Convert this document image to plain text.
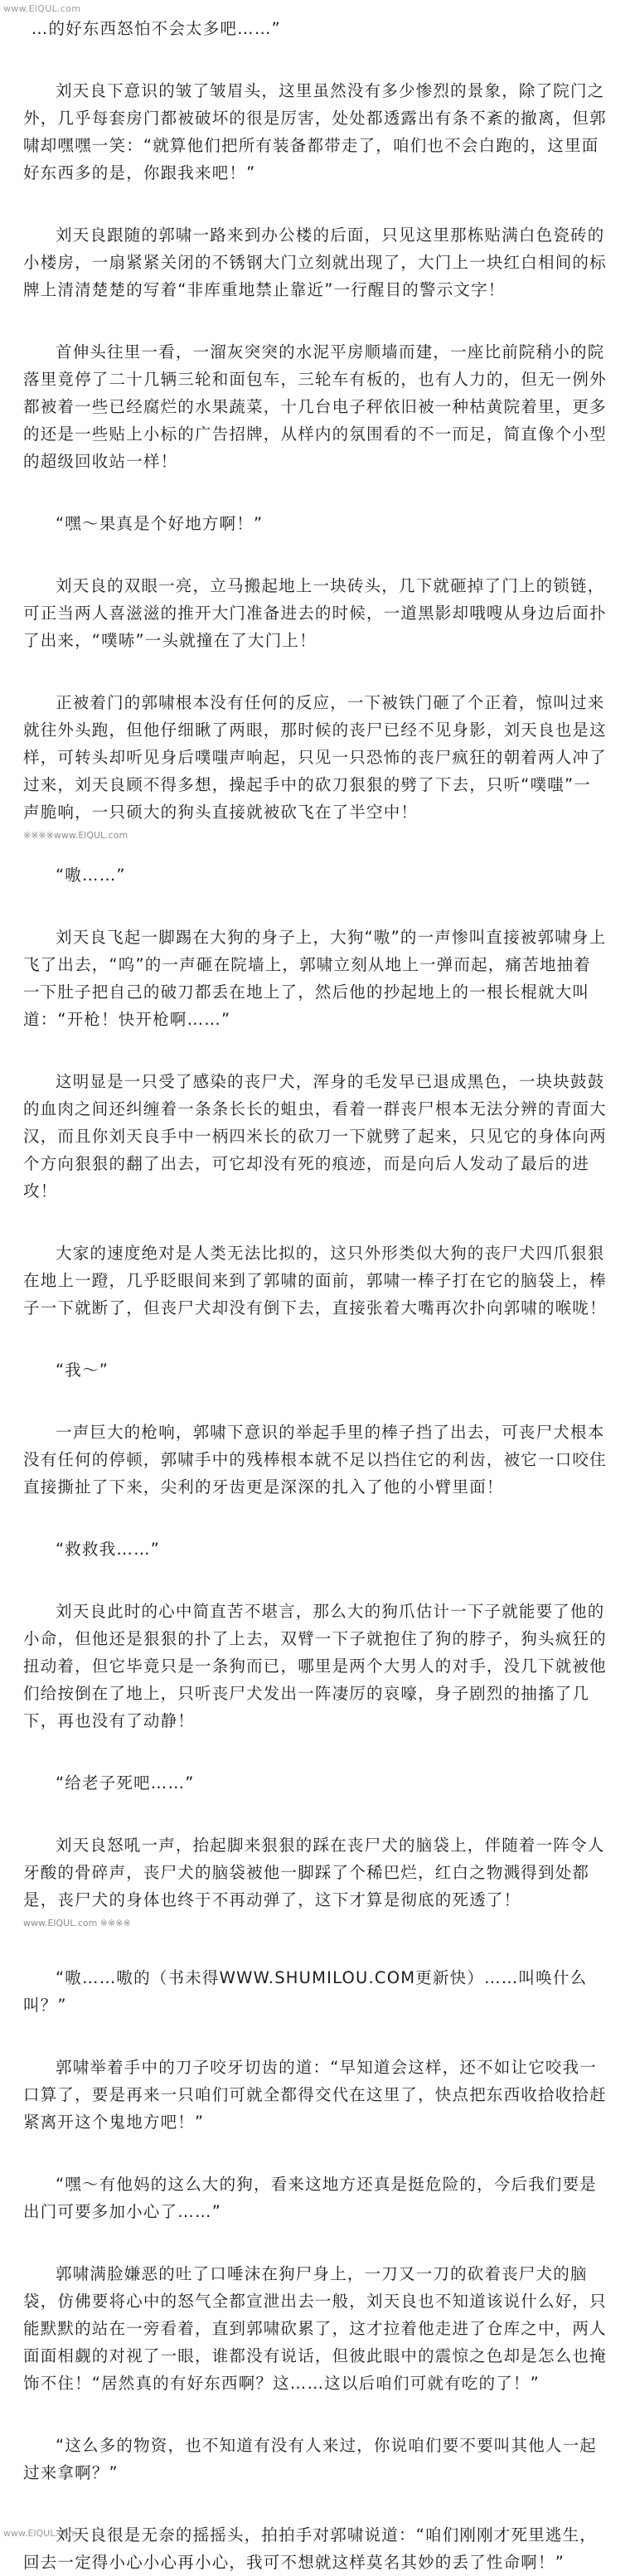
www.ElQUL.com

…的好东西怒怕不会太多吧……”

刘天良下意识的皱了皱眉头，这里虽然没有多少惨烈的景象，除了院门之外，几乎每套房门都被破坏的很是厉害，处处都透露出有条不紊的撤离，但郭啸却嘿嘿一笑：“就算他们把所有装备都带走了，咱们也不会白跑的，这里面好东西多的是，你跟我来吧！”

刘天良跟随的郭啸一路来到办公楼的后面，只见这里那栋贴满白色瓷砖的小楼房，一扇紧紧关闭的不锈钢大门立刻就出现了，大门上一块红白相间的标牌上清清楚楚的写着“非库重地禁止靠近”一行醒目的警示文字！

首伸头往里一看，一溜灰突突的水泥平房顺墙而建，一座比前院稍小的院落里竟停了二十几辆三轮和面包车，三轮车有板的，也有人力的，但无一例外都被着一些已经腐烂的水果蔬菜，十几台电子秤依旧被一种枯黄院着里，更多的还是一些贴上小标的广告招牌，从样内的氛围看的不一而足，简直像个小型的超级回收站一样！

“嘿～果真是个好地方啊！”

刘天良的双眼一亮，立马搬起地上一块砖头，几下就砸掉了门上的锁链，可正当两人喜滋滋的推开大门准备进去的时候，一道黑影却哦嗖从身边后面扑了出来，“噗哧”一头就撞在了大门上！

正被着门的郭啸根本没有任何的反应，一下被铁门砸了个正着，惊叫过来就往外头跑，但他仔细瞅了两眼，那时候的丧尸已经不见身影，刘天良也是这样，可转头却听见身后噗嗤声响起，只见一只恐怖的丧尸疯狂的朝着两人冲了过来，刘天良顾不得多想，操起手中的砍刀狠狠的劈了下去，只听“噗嗤”一声脆响，一只硕大的狗头直接就被砍飞在了半空中！

※※※※www.ElQUL.com

“嗷……”

刘天良飞起一脚踢在大狗的身子上，大狗“嗷”的一声惨叫直接被郭啸身上飞了出去，“呜”的一声砸在院墙上，郭啸立刻从地上一弹而起，痛苦地抽着一下肚子把自己的破刀都丢在地上了，然后他的抄起地上的一根长棍就大叫道：“开枪！快开枪啊……”

这明显是一只受了感染的丧尸犬，浑身的毛发早已退成黑色，一块块鼓鼓的血肉之间还纠缠着一条条长长的蛆虫，看着一群丧尸根本无法分辨的青面大汉，而且你刘天良手中一柄四米长的砍刀一下就劈了起来，只见它的身体向两个方向狠狠的翻了出去，可它却没有死的痕迹，而是向后人发动了最后的进攻！

大家的速度绝对是人类无法比拟的，这只外形类似大狗的丧尸犬四爪狠狠在地上一蹬，几乎眨眼间来到了郭啸的面前，郭啸一棒子打在它的脑袋上，棒子一下就断了，但丧尸犬却没有倒下去，直接张着大嘴再次扑向郭啸的喉咙！

“我～”

一声巨大的枪响，郭啸下意识的举起手里的棒子挡了出去，可丧尸犬根本没有任何的停顿，郭啸手中的残棒根本就不足以挡住它的利齿，被它一口咬住直接撕扯了下来，尖利的牙齿更是深深的扎入了他的小臂里面！

“救救我……”

刘天良此时的心中简直苦不堪言，那么大的狗爪估计一下子就能要了他的小命，但他还是狠狠的扑了上去，双臂一下子就抱住了狗的脖子，狗头疯狂的扭动着，但它毕竟只是一条狗而已，哪里是两个大男人的对手，没几下就被他们给按倒在了地上，只听丧尸犬发出一阵凄厉的哀嚎，身子剧烈的抽搐了几下，再也没有了动静！

“给老子死吧……”

刘天良怒吼一声，抬起脚来狠狠的踩在丧尸犬的脑袋上，伴随着一阵令人牙酸的骨碎声，丧尸犬的脑袋被他一脚踩了个稀巴烂，红白之物溅得到处都是，丧尸犬的身体也终于不再动弹了，这下才算是彻底的死透了！

www.ElQUL.com ※※※※

“嗷……嗷的（书未得WWW.SHUMILOU.COM更新快）……叫唤什么叫？”

郭啸举着手中的刀子咬牙切齿的道：“早知道会这样，还不如让它咬我一口算了，要是再来一只咱们可就全都得交代在这里了，快点把东西收拾收拾赶紧离开这个鬼地方吧！”

“嘿～有他妈的这么大的狗，看来这地方还真是挺危险的，今后我们要是出门可要多加小心了……”

郭啸满脸嫌恶的吐了口唾沫在狗尸身上，一刀又一刀的砍着丧尸犬的脑袋，仿佛要将心中的怒气全都宣泄出去一般，刘天良也不知道该说什么好，只能默默的站在一旁看着，直到郭啸砍累了，这才拉着他走进了仓库之中，两人面面相觑的对视了一眼，谁都没有说话，但彼此眼中的震惊之色却是怎么也掩饰不住！“居然真的有好东西啊？这……这以后咱们可就有吃的了！”

“这么多的物资，也不知道有没有人来过，你说咱们要不要叫其他人一起过来拿啊？”

刘天良很是无奈的摇摇头，拍拍手对郭啸说道：“咱们刚刚才死里逃生，回去一定得小心小心再小心，我可不想就这样莫名其妙的丢了性命啊！”

www.ElQUL.com
